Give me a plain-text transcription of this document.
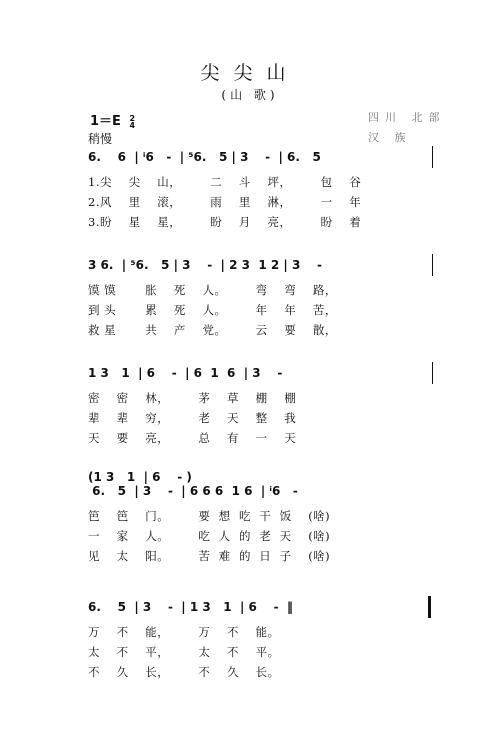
尖尖山
(山 歌)
1＝E 2
4
稍慢
四川 北部
汉 族
6.    6  | ⁱ6   -  | ⁵6.   5 | 3    -  | 6.   5
1.尖    尖    山，       二    斗    坪，       包    谷
2.风    里    滚，       雨    里    淋，       一    年
3.盼    星    星，       盼    月    亮，       盼    着
3 6.  | ⁵6.   5 | 3    -  | 2 3  1 2 | 3    -
馍 馍       胀    死    人。       弯    弯    路，
到 头       累    死    人。       年    年    苦，
救 星       共    产    党。       云    要    散，
1 3   1  | 6    -  | 6  1  6  | 3    -
密    密    林，       茅    草    棚    棚
辈    辈    穷，       老    天    整    我
天    要    亮，       总    有    一    天
(1 3   1  | 6    - )
6.   5  | 3    -  | 6 6 6  1 6  | ⁱ6   -
笆    笆    门。       要  想  吃  干  饭    (啥)
一    家    人。       吃  人  的  老  天    (啥)
见    太    阳。       苦  难  的  日  子    (啥)
6.    5  | 3    -  | 1 3   1  | 6    -  ‖
万    不    能，       万    不    能。
太    不    平，       太    不    平。
不    久    长，       不    久    长。
